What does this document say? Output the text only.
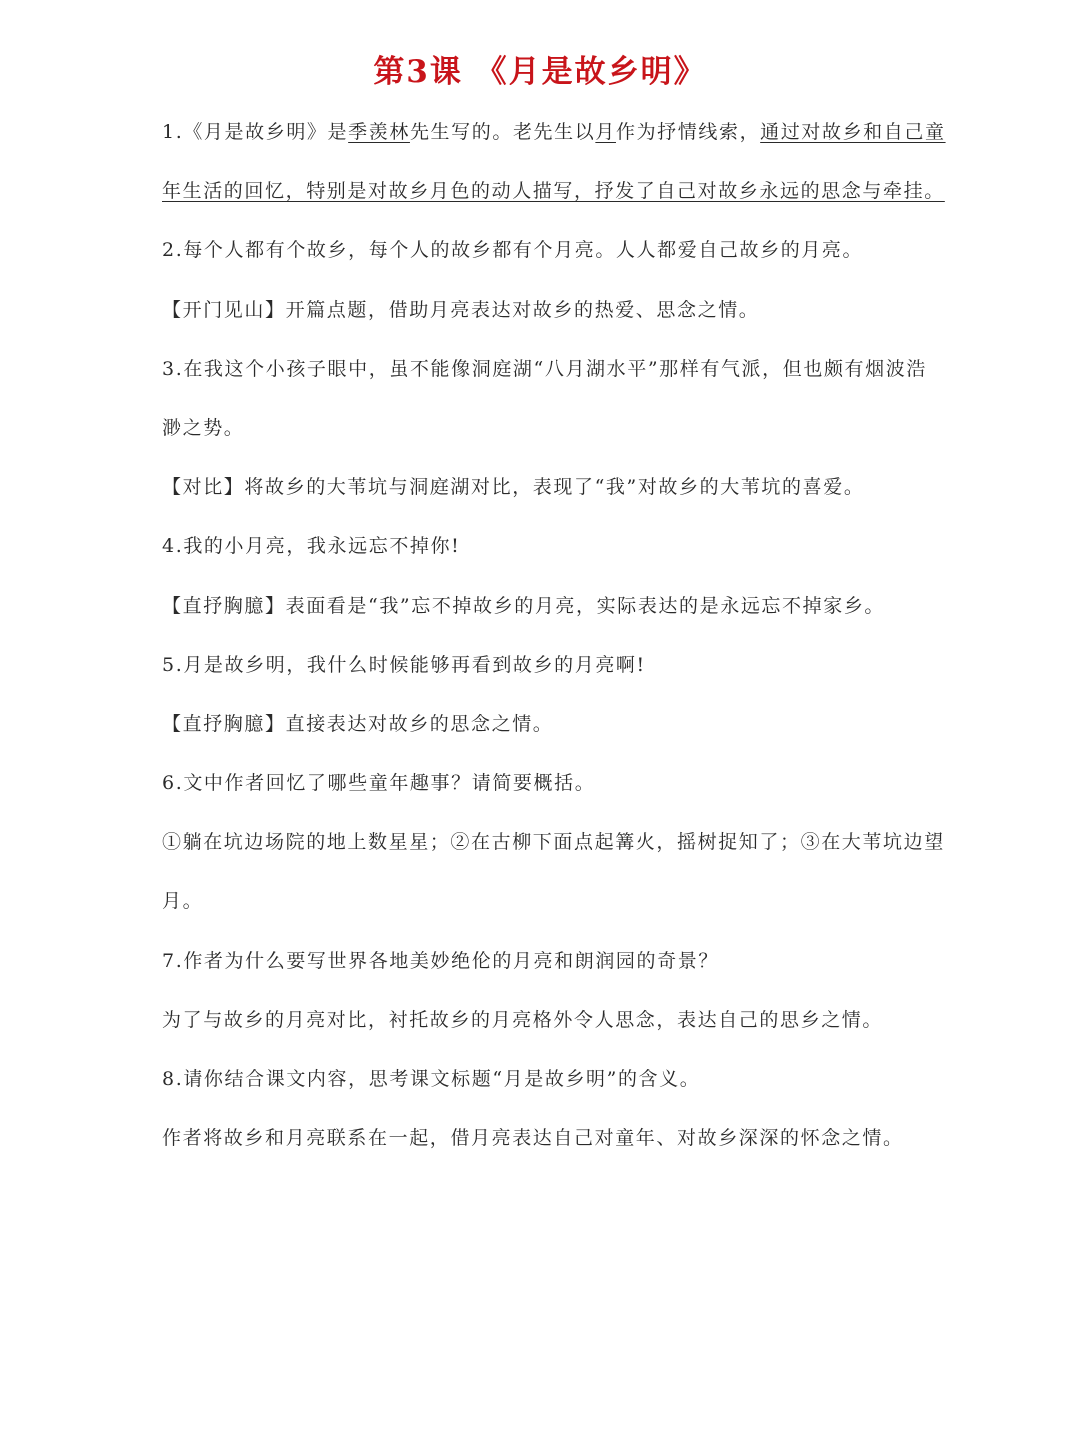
第3课 《月是故乡明》
1.《月是故乡明》是季羡林先生写的。老先生以月作为抒情线索，通过对故乡和自己童
年生活的回忆，特别是对故乡月色的动人描写，抒发了自己对故乡永远的思念与牵挂。
2.每个人都有个故乡，每个人的故乡都有个月亮。人人都爱自己故乡的月亮。
【开门见山】开篇点题，借助月亮表达对故乡的热爱、思念之情。
3.在我这个小孩子眼中，虽不能像洞庭湖“八月湖水平”那样有气派，但也颇有烟波浩
渺之势。
【对比】将故乡的大苇坑与洞庭湖对比，表现了“我”对故乡的大苇坑的喜爱。
4.我的小月亮，我永远忘不掉你!
【直抒胸臆】表面看是“我”忘不掉故乡的月亮，实际表达的是永远忘不掉家乡。
5.月是故乡明，我什么时候能够再看到故乡的月亮啊!
【直抒胸臆】直接表达对故乡的思念之情。
6.文中作者回忆了哪些童年趣事？请简要概括。
①躺在坑边场院的地上数星星；②在古柳下面点起篝火，摇树捉知了；③在大苇坑边望
月。
7.作者为什么要写世界各地美妙绝伦的月亮和朗润园的奇景？
为了与故乡的月亮对比，衬托故乡的月亮格外令人思念，表达自己的思乡之情。
8.请你结合课文内容，思考课文标题“月是故乡明”的含义。
作者将故乡和月亮联系在一起，借月亮表达自己对童年、对故乡深深的怀念之情。
